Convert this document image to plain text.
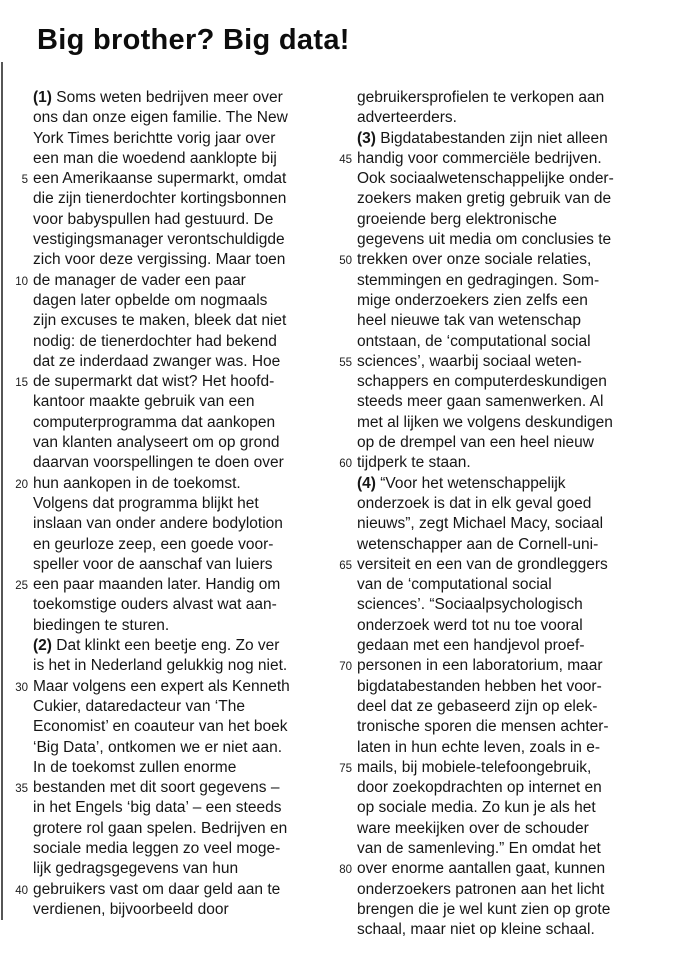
Big brother? Big data!
(1) Soms weten bedrijven meer over
ons dan onze eigen familie. The New
York Times berichtte vorig jaar over
een man die woedend aanklopte bij
5 een Amerikaanse supermarkt, omdat
die zijn tienerdochter kortingsbonnen
voor babyspullen had gestuurd. De
vestigingsmanager verontschuldigde
zich voor deze vergissing. Maar toen
10 de manager de vader een paar
dagen later opbelde om nogmaals
zijn excuses te maken, bleek dat niet
nodig: de tienerdochter had bekend
dat ze inderdaad zwanger was. Hoe
15 de supermarkt dat wist? Het hoofd-
kantoor maakte gebruik van een
computerprogramma dat aankopen
van klanten analyseert om op grond
daarvan voorspellingen te doen over
20 hun aankopen in de toekomst.
Volgens dat programma blijkt het
inslaan van onder andere bodylotion
en geurloze zeep, een goede voor-
speller voor de aanschaf van luiers
25 een paar maanden later. Handig om
toekomstige ouders alvast wat aan-
biedingen te sturen.
(2) Dat klinkt een beetje eng. Zo ver
is het in Nederland gelukkig nog niet.
30 Maar volgens een expert als Kenneth
Cukier, dataredacteur van ‘The
Economist’ en coauteur van het boek
‘Big Data’, ontkomen we er niet aan.
In de toekomst zullen enorme
35 bestanden met dit soort gegevens –
in het Engels ‘big data’ – een steeds
grotere rol gaan spelen. Bedrijven en
sociale media leggen zo veel moge-
lijk gedragsgegevens van hun
40 gebruikers vast om daar geld aan te
verdienen, bijvoorbeeld door
gebruikersprofielen te verkopen aan
adverteerders.
(3) Bigdatabestanden zijn niet alleen
45 handig voor commerciële bedrijven.
Ook sociaalwetenschappelijke onder-
zoekers maken gretig gebruik van de
groeiende berg elektronische
gegevens uit media om conclusies te
50 trekken over onze sociale relaties,
stemmingen en gedragingen. Som-
mige onderzoekers zien zelfs een
heel nieuwe tak van wetenschap
ontstaan, de ‘computational social
55 sciences’, waarbij sociaal weten-
schappers en computerdeskundigen
steeds meer gaan samenwerken. Al
met al lijken we volgens deskundigen
op de drempel van een heel nieuw
60 tijdperk te staan.
(4) “Voor het wetenschappelijk
onderzoek is dat in elk geval goed
nieuws”, zegt Michael Macy, sociaal
wetenschapper aan de Cornell-uni-
65 versiteit en een van de grondleggers
van de ‘computational social
sciences’. “Sociaalpsychologisch
onderzoek werd tot nu toe vooral
gedaan met een handjevol proef-
70 personen in een laboratorium, maar
bigdatabestanden hebben het voor-
deel dat ze gebaseerd zijn op elek-
tronische sporen die mensen achter-
laten in hun echte leven, zoals in e-
75 mails, bij mobiele-telefoongebruik,
door zoekopdrachten op internet en
op sociale media. Zo kun je als het
ware meekijken over de schouder
van de samenleving.” En omdat het
80 over enorme aantallen gaat, kunnen
onderzoekers patronen aan het licht
brengen die je wel kunt zien op grote
schaal, maar niet op kleine schaal.
